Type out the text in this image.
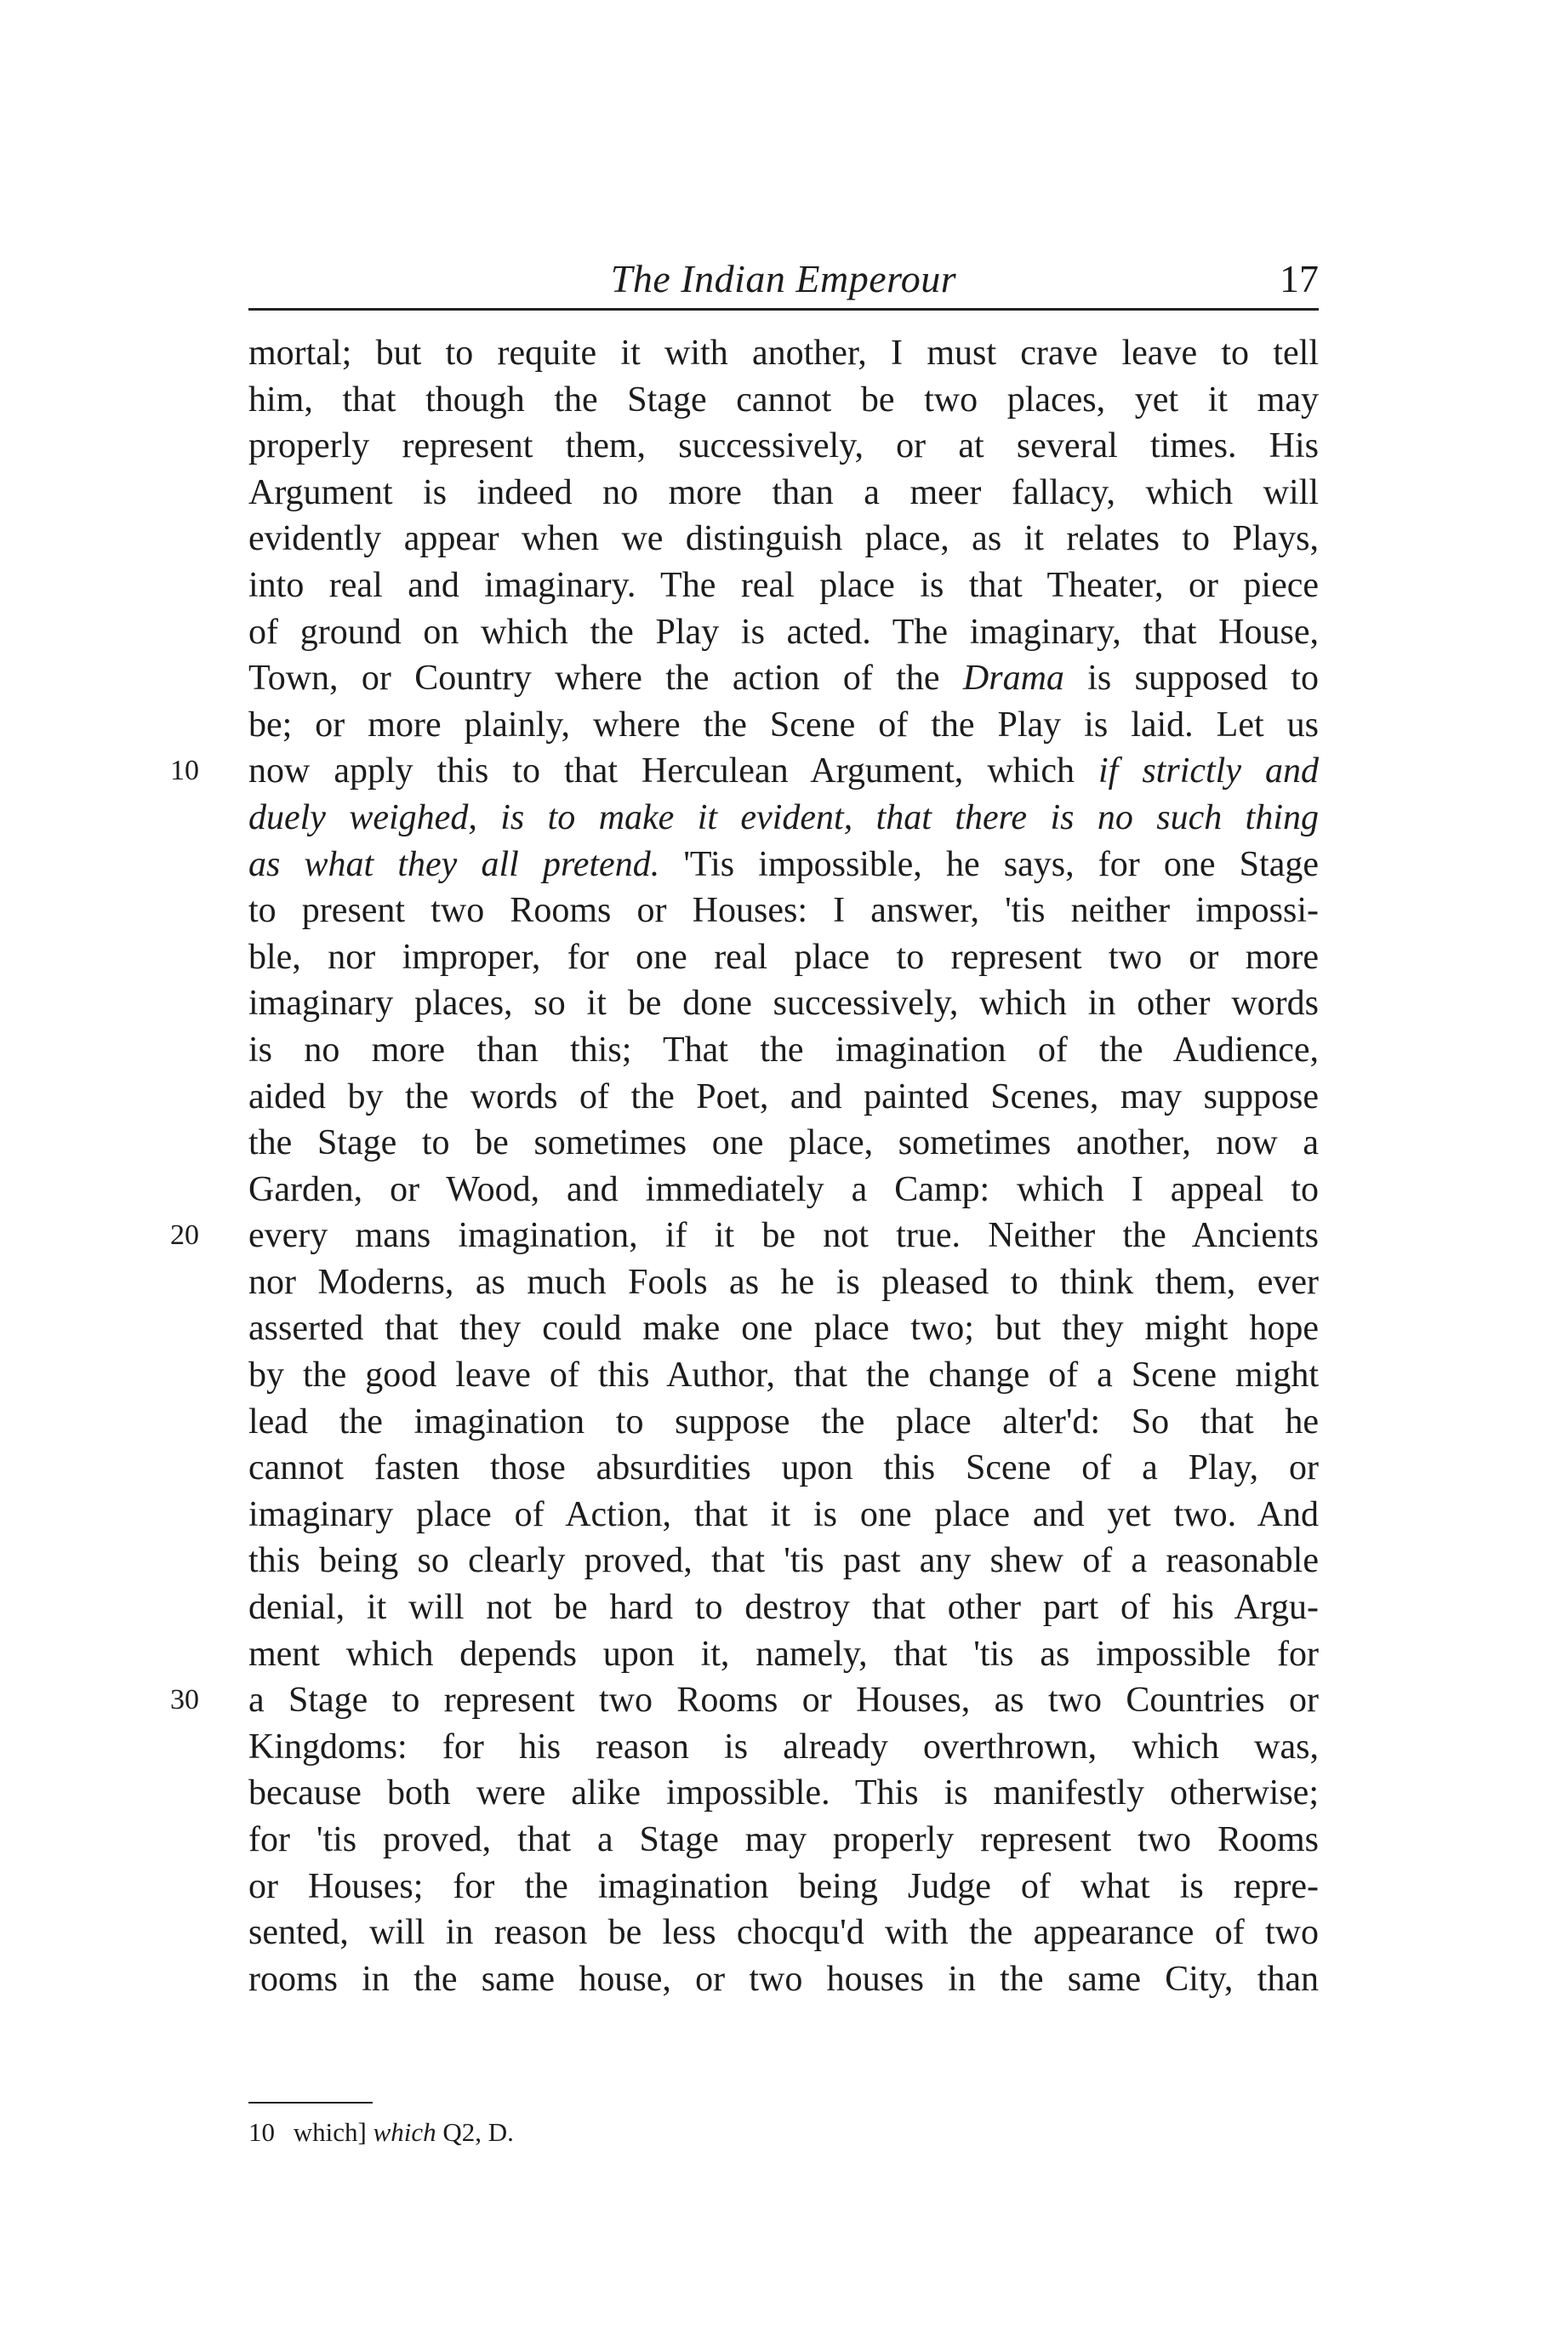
The Indian Emperour	17
mortal; but to requite it with another, I must crave leave to tell
him, that though the Stage cannot be two places, yet it may
properly represent them, successively, or at several times. His
Argument is indeed no more than a meer fallacy, which will
evidently appear when we distinguish place, as it relates to Plays,
into real and imaginary. The real place is that Theater, or piece
of ground on which the Play is acted. The imaginary, that House,
Town, or Country where the action of the Drama is supposed to
be; or more plainly, where the Scene of the Play is laid. Let us
now apply this to that Herculean Argument, which if strictly and
10
duely weighed, is to make it evident, that there is no such thing
as what they all pretend. 'Tis impossible, he says, for one Stage
to present two Rooms or Houses: I answer, 'tis neither impossi-
ble, nor improper, for one real place to represent two or more
imaginary places, so it be done successively, which in other words
is no more than this; That the imagination of the Audience,
aided by the words of the Poet, and painted Scenes, may suppose
the Stage to be sometimes one place, sometimes another, now a
Garden, or Wood, and immediately a Camp: which I appeal to
every mans imagination, if it be not true. Neither the Ancients
20
nor Moderns, as much Fools as he is pleased to think them, ever
asserted that they could make one place two; but they might hope
by the good leave of this Author, that the change of a Scene might
lead the imagination to suppose the place alter'd: So that he
cannot fasten those absurdities upon this Scene of a Play, or
imaginary place of Action, that it is one place and yet two. And
this being so clearly proved, that 'tis past any shew of a reasonable
denial, it will not be hard to destroy that other part of his Argu-
ment which depends upon it, namely, that 'tis as impossible for
a Stage to represent two Rooms or Houses, as two Countries or
30
Kingdoms: for his reason is already overthrown, which was,
because both were alike impossible. This is manifestly otherwise;
for 'tis proved, that a Stage may properly represent two Rooms
or Houses; for the imagination being Judge of what is repre-
sented, will in reason be less chocqu'd with the appearance of two
rooms in the same house, or two houses in the same City, than
10 which] which Q2, D.
